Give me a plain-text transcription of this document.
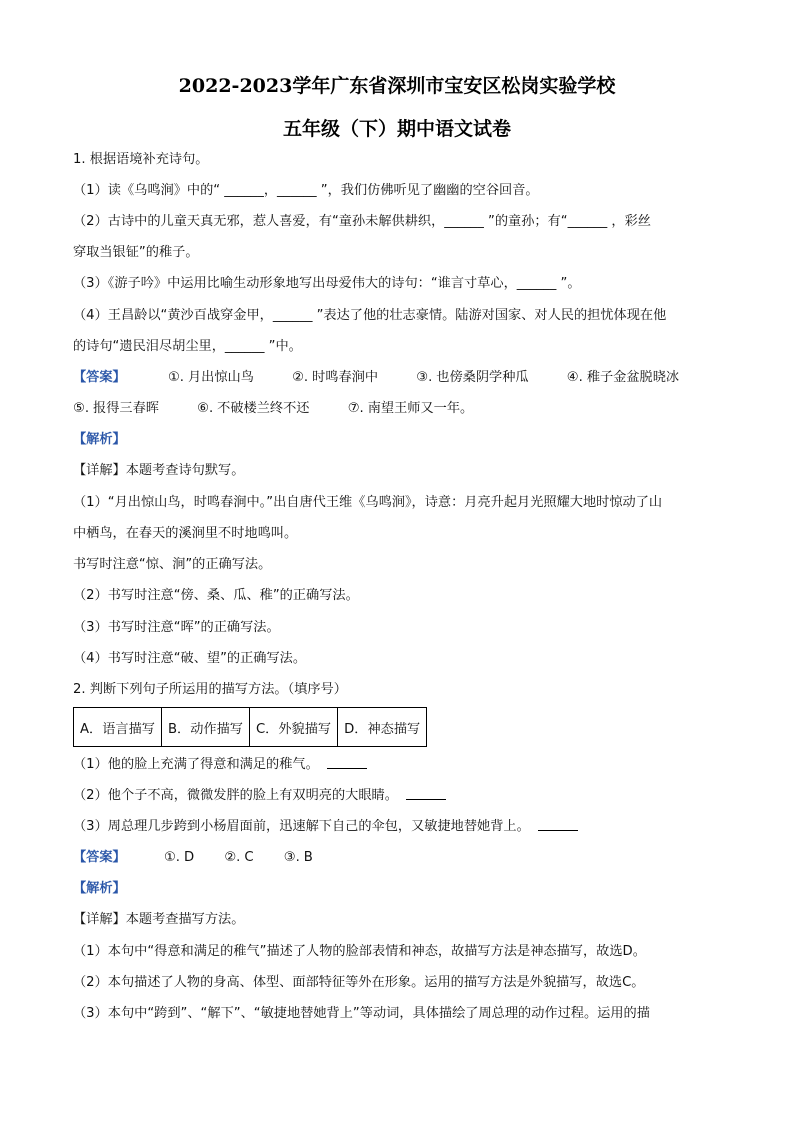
2022-2023学年广东省深圳市宝安区松岗实验学校
五年级（下）期中语文试卷
1. 根据语境补充诗句。
（1）读《乌鸣涧》中的“ ______，______ ”，我们仿佛听见了幽幽的空谷回音。
（2）古诗中的儿童天真无邪，惹人喜爱，有“童孙未解供耕织，______ ”的童孙；有“______ ，彩丝
穿取当银钲”的稚子。
（3）《游子吟》中运用比喻生动形象地写出母爱伟大的诗句：“谁言寸草心，______ ”。
（4）王昌龄以“黄沙百战穿金甲，______ ”表达了他的壮志豪情。陆游对国家、对人民的担忧体现在他
的诗句“遗民泪尽胡尘里，______ ”中。
【答案】	①. 月出惊山鸟	②. 时鸣春涧中	③. 也傍桑阴学种瓜	④. 稚子金盆脱晓冰
⑤. 报得三春晖	⑥. 不破楼兰终不还	⑦. 南望王师又一年。
【解析】
【详解】本题考查诗句默写。
（1）“月出惊山鸟，时鸣春涧中。”出自唐代王维《乌鸣涧》，诗意：月亮升起月光照耀大地时惊动了山
中栖鸟，在春天的溪涧里不时地鸣叫。
书写时注意“惊、涧”的正确写法。
（2）书写时注意“傍、桑、瓜、稚”的正确写法。
（3）书写时注意“晖”的正确写法。
（4）书写时注意“破、望”的正确写法。
2. 判断下列句子所运用的描写方法。（填序号）
A．语言描写	B．动作描写	C．外貌描写	D．神态描写
（1）他的脸上充满了得意和满足的稚气。
（2）他个子不高，微微发胖的脸上有双明亮的大眼睛。
（3）周总理几步跨到小杨眉面前，迅速解下自己的伞包，又敏捷地替她背上。
【答案】	①. D ②. C ③. B
【解析】
【详解】本题考查描写方法。
（1）本句中“得意和满足的稚气”描述了人物的脸部表情和神态，故描写方法是神态描写，故选D。
（2）本句描述了人物的身高、体型、面部特征等外在形象。运用的描写方法是外貌描写，故选C。
（3）本句中“跨到”、“解下”、“敏捷地替她背上”等动词，具体描绘了周总理的动作过程。运用的描
